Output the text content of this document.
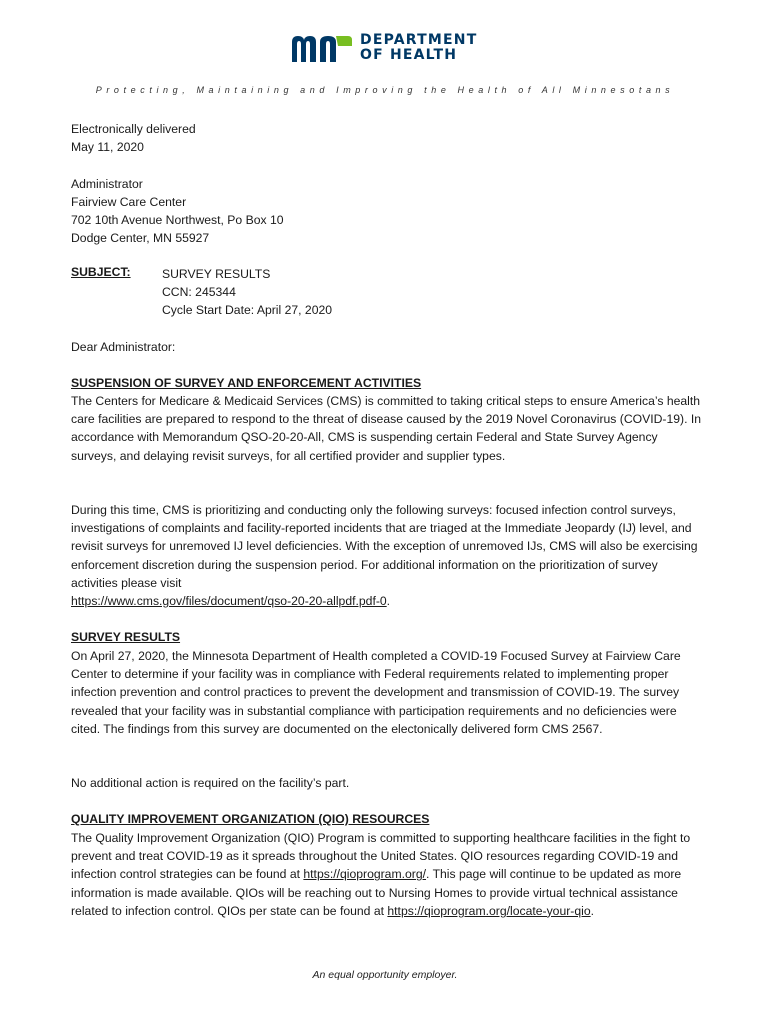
DEPARTMENT
OF HEALTH
Protecting, Maintaining and Improving the Health of All Minnesotans
Electronically delivered
May 11, 2020
Administrator
Fairview Care Center
702 10th Avenue Northwest, Po Box 10
Dodge Center, MN 55927
SUBJECT:	SURVEY RESULTS
CCN: 245344
Cycle Start Date: April 27, 2020
Dear Administrator:
SUSPENSION OF SURVEY AND ENFORCEMENT ACTIVITIES
The Centers for Medicare & Medicaid Services (CMS) is committed to taking critical steps to ensure America’s health care facilities are prepared to respond to the threat of disease caused by the 2019 Novel Coronavirus (COVID-19). In accordance with Memorandum QSO-20-20-All, CMS is suspending certain Federal and State Survey Agency surveys, and delaying revisit surveys, for all certified provider and supplier types.
During this time, CMS is prioritizing and conducting only the following surveys: focused infection control surveys, investigations of complaints and facility-reported incidents that are triaged at the Immediate Jeopardy (IJ) level, and revisit surveys for unremoved IJ level deficiencies. With the exception of unremoved IJs, CMS will also be exercising enforcement discretion during the suspension period. For additional information on the prioritization of survey activities please visit
https://www.cms.gov/files/document/qso-20-20-allpdf.pdf-0.
SURVEY RESULTS
On April 27, 2020, the Minnesota Department of Health completed a COVID-19 Focused Survey at Fairview Care Center to determine if your facility was in compliance with Federal requirements related to implementing proper infection prevention and control practices to prevent the development and transmission of COVID-19. The survey revealed that your facility was in substantial compliance with participation requirements and no deficiencies were cited. The findings from this survey are documented on the electonically delivered form CMS 2567.
No additional action is required on the facility’s part.
QUALITY IMPROVEMENT ORGANIZATION (QIO) RESOURCES
The Quality Improvement Organization (QIO) Program is committed to supporting healthcare facilities in the fight to prevent and treat COVID-19 as it spreads throughout the United States. QIO resources regarding COVID-19 and infection control strategies can be found at https://qioprogram.org/. This page will continue to be updated as more information is made available. QIOs will be reaching out to Nursing Homes to provide virtual technical assistance related to infection control. QIOs per state can be found at https://qioprogram.org/locate-your-qio.
An equal opportunity employer.
